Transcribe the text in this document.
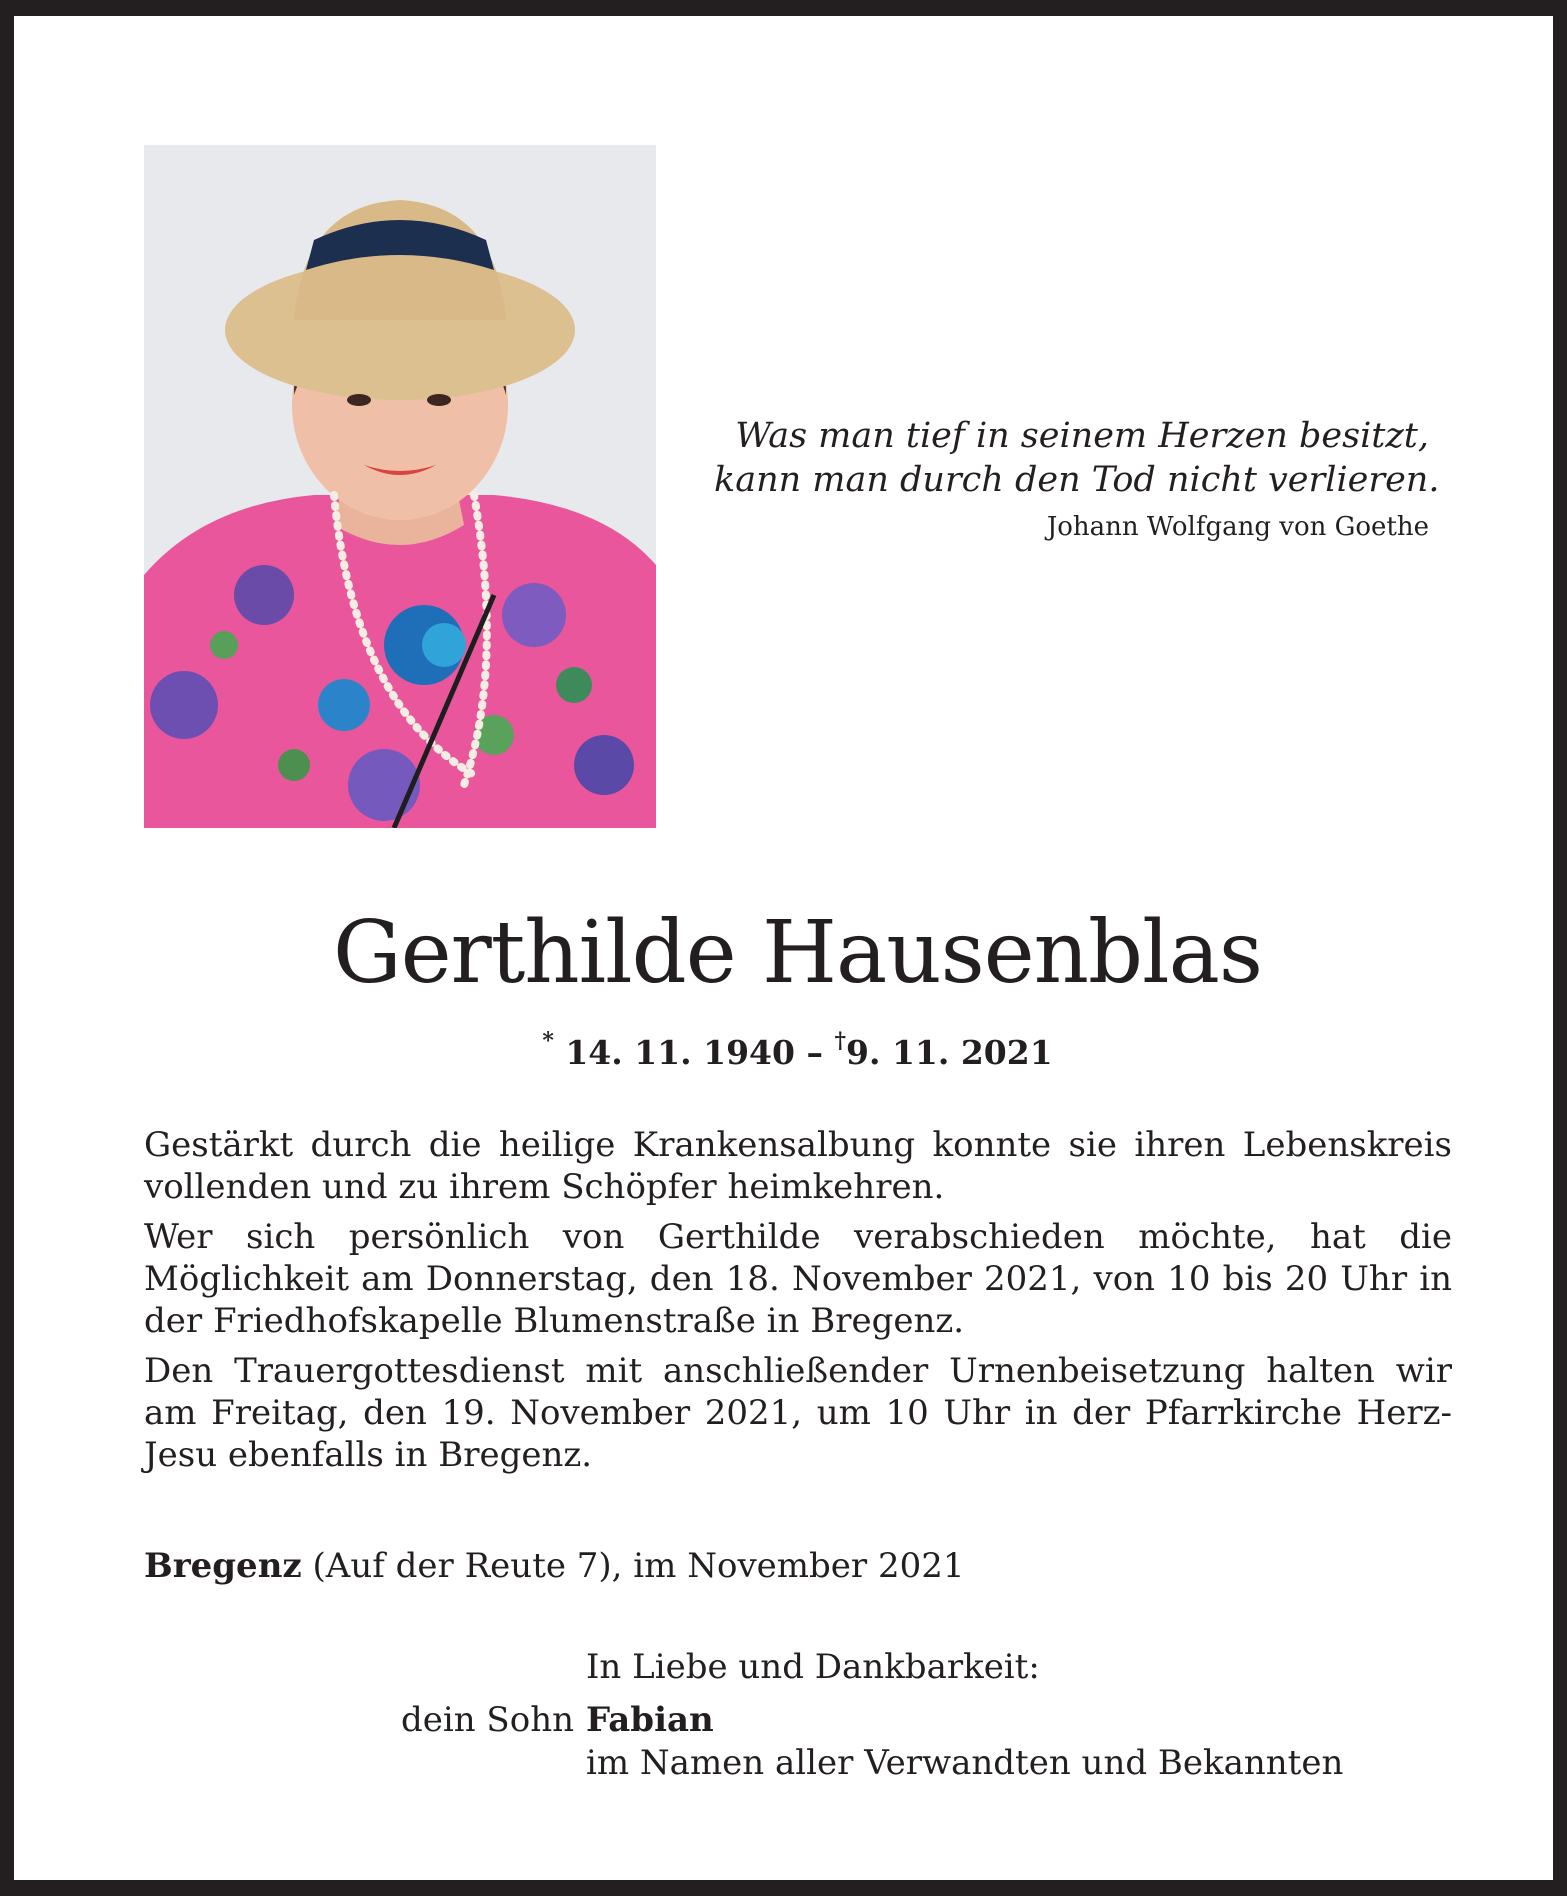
Was man tief in seinem Herzen besitzt,
kann man durch den Tod nicht verlieren.
Johann Wolfgang von Goethe
Gerthilde Hausenblas
* 14. 11. 1940 – †9. 11. 2021

Gestärkt durch die heilige Krankensalbung konnte sie ihren Lebenskreis vollenden und zu ihrem Schöpfer heimkehren.

Wer sich persönlich von Gerthilde verabschieden möchte, hat die Möglichkeit am Donnerstag, den 18. November 2021, von 10 bis 20 Uhr in der Friedhofskapelle Blumenstraße in Bregenz.

Den Trauergottesdienst mit anschließender Urnenbeisetzung halten wir am Freitag, den 19. November 2021, um 10 Uhr in der Pfarrkirche Herz-Jesu ebenfalls in Bregenz.

Bregenz (Auf der Reute 7), im November 2021
In Liebe und Dankbarkeit:
dein Sohn Fabian
im Namen aller Verwandten und Bekannten
